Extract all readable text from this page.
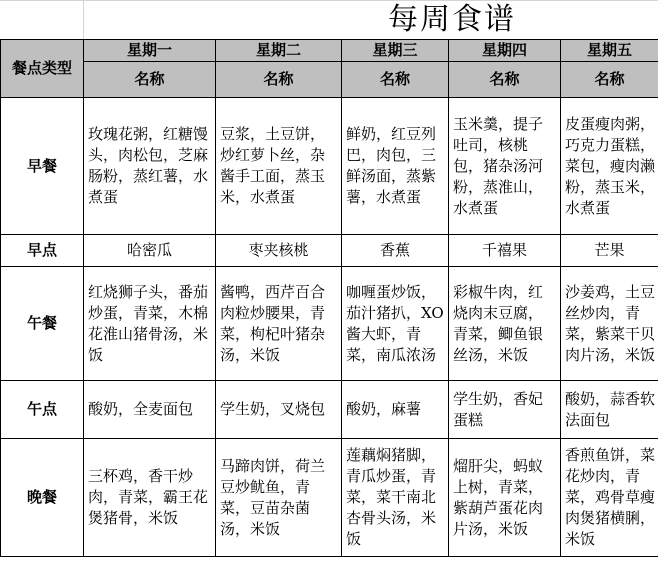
每周食谱
餐点类型	星期一	星期二	星期三	星期四	星期五
	名称	名称	名称	名称	名称
早餐	玫瑰花粥，红糖馒头，肉松包，芝麻肠粉，蒸红薯，水煮蛋	豆浆，土豆饼，炒红萝卜丝，杂酱手工面，蒸玉米，水煮蛋	鲜奶，红豆列巴，肉包，三鲜汤面，蒸紫薯，水煮蛋	玉米羹，提子吐司，核桃包，猪杂汤河粉，蒸淮山，水煮蛋	皮蛋瘦肉粥，巧克力蛋糕，菜包，瘦肉濑粉，蒸玉米，水煮蛋
早点	哈密瓜	枣夹核桃	香蕉	千禧果	芒果
午餐	红烧狮子头，番茄炒蛋，青菜，木棉花淮山猪骨汤，米饭	酱鸭，西芹百合肉粒炒腰果，青菜，枸杞叶猪杂汤，米饭	咖喱蛋炒饭，茄汁猪扒，XO酱大虾，青菜，南瓜浓汤	彩椒牛肉，红烧肉末豆腐，青菜，鲫鱼银丝汤，米饭	沙姜鸡，土豆丝炒肉，青菜，紫菜干贝肉片汤，米饭
午点	酸奶，全麦面包	学生奶，叉烧包	酸奶，麻薯	学生奶，香妃蛋糕	酸奶，蒜香软法面包
晚餐	三杯鸡，香干炒肉，青菜，霸王花煲猪骨，米饭	马蹄肉饼，荷兰豆炒鱿鱼，青菜，豆苗杂菌汤，米饭	莲藕焖猪脚，青瓜炒蛋，青菜，菜干南北杏骨头汤，米饭	熘肝尖，蚂蚁上树，青菜，紫葫芦蛋花肉片汤，米饭	香煎鱼饼，菜花炒肉，青菜，鸡骨草瘦肉煲猪横脷，米饭
